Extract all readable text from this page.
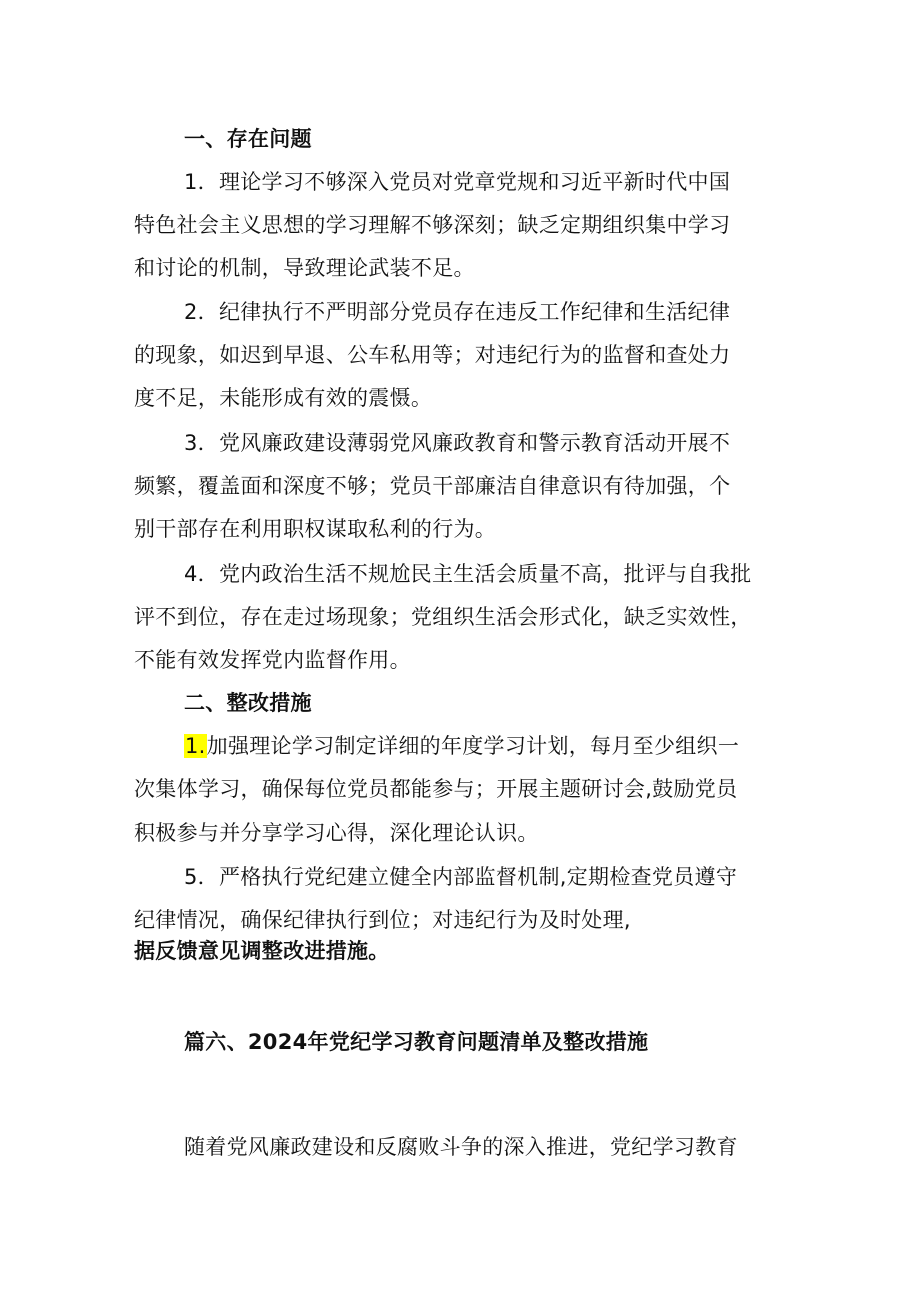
一、存在问题
1．理论学习不够深入党员对党章党规和习近平新时代中国
特色社会主义思想的学习理解不够深刻；缺乏定期组织集中学习
和讨论的机制，导致理论武装不足。
2．纪律执行不严明部分党员存在违反工作纪律和生活纪律
的现象，如迟到早退、公车私用等；对违纪行为的监督和查处力
度不足，未能形成有效的震慑。
3．党风廉政建设薄弱党风廉政教育和警示教育活动开展不
频繁，覆盖面和深度不够；党员干部廉洁自律意识有待加强，个
别干部存在利用职权谋取私利的行为。
4．党内政治生活不规尬民主生活会质量不高，批评与自我批
评不到位，存在走过场现象；党组织生活会形式化，缺乏实效性，
不能有效发挥党内监督作用。
二、整改措施
1.加强理论学习制定详细的年度学习计划，每月至少组织一
次集体学习，确保每位党员都能参与；开展主题研讨会,鼓励党员
积极参与并分享学习心得，深化理论认识。
5．严格执行党纪建立健全内部监督机制,定期检查党员遵守
纪律情况，确保纪律执行到位；对违纪行为及时处理,
据反馈意见调整改进措施。
篇六、2024年党纪学习教育问题清单及整改措施
随着党风廉政建设和反腐败斗争的深入推进，党纪学习教育
